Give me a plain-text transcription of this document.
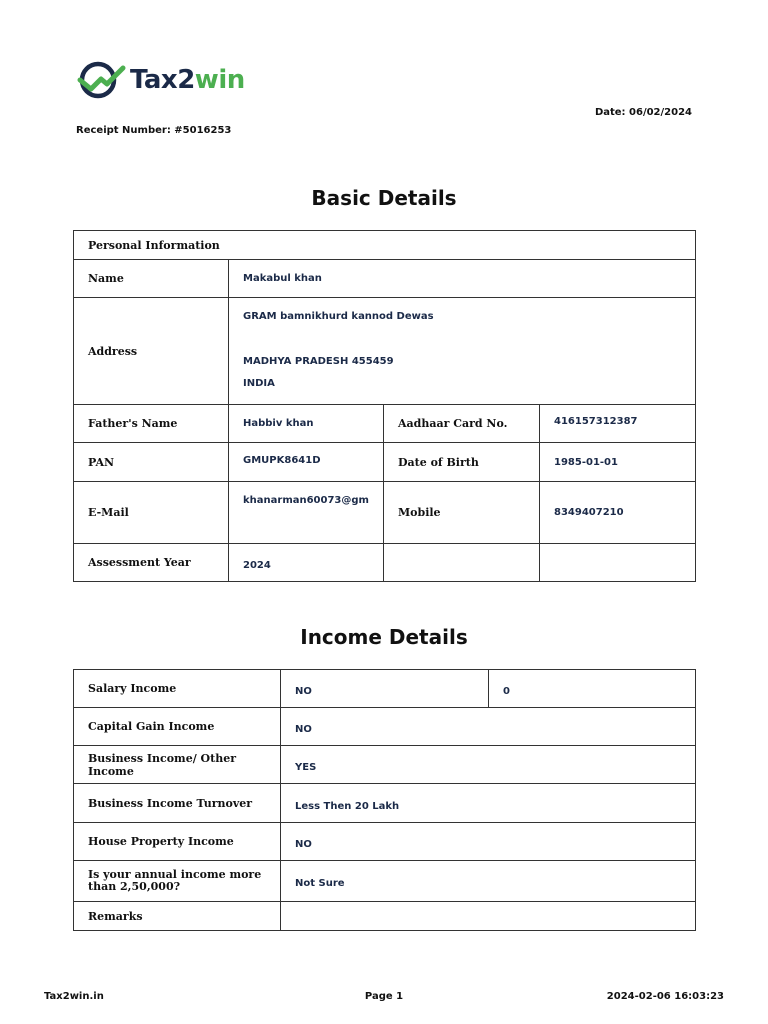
Tax2win
Date: 06/02/2024
Receipt Number: #5016253
Basic Details
Personal Information			
Name	Makabul khan		
Address	GRAM bamnikhurd kannod Dewas
MADHYA PRADESH 455459
INDIA		

Father's Name	Habbiv khan	Aadhaar Card No.	416157312387
PAN	GMUPK8641D	Date of Birth	1985-01-01
E-Mail	khanarman60073@gm	Mobile	8349407210
Assessment Year	2024		
Income Details
Salary Income	NO	0
Capital Gain Income	NO	
Business Income/ Other Income	YES	
Business Income Turnover	Less Then 20 Lakh	
House Property Income	NO	
Is your annual income more than 2,50,000?	Not Sure	
Remarks		
Tax2win.in	Page 1	2024-02-06 16:03:23
